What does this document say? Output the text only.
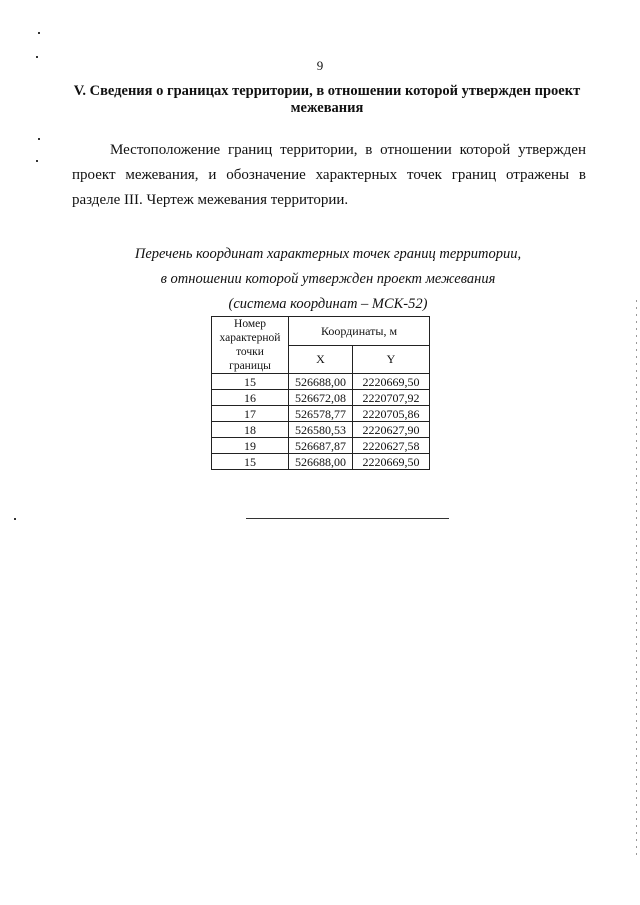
9
V. Сведения о границах территории, в отношении которой утвержден проект межевания
Местоположение границ территории, в отношении которой утвержден проект межевания, и обозначение характерных точек границ отражены в разделе III. Чертеж межевания территории.
Перечень координат характерных точек границ территории,
в отношении которой утвержден проект межевания
(система координат – МСК-52)
Номер характерной точки границы	Координаты, м	
	X	Y
15	526688,00	2220669,50
16	526672,08	2220707,92
17	526578,77	2220705,86
18	526580,53	2220627,90
19	526687,87	2220627,58
15	526688,00	2220669,50
